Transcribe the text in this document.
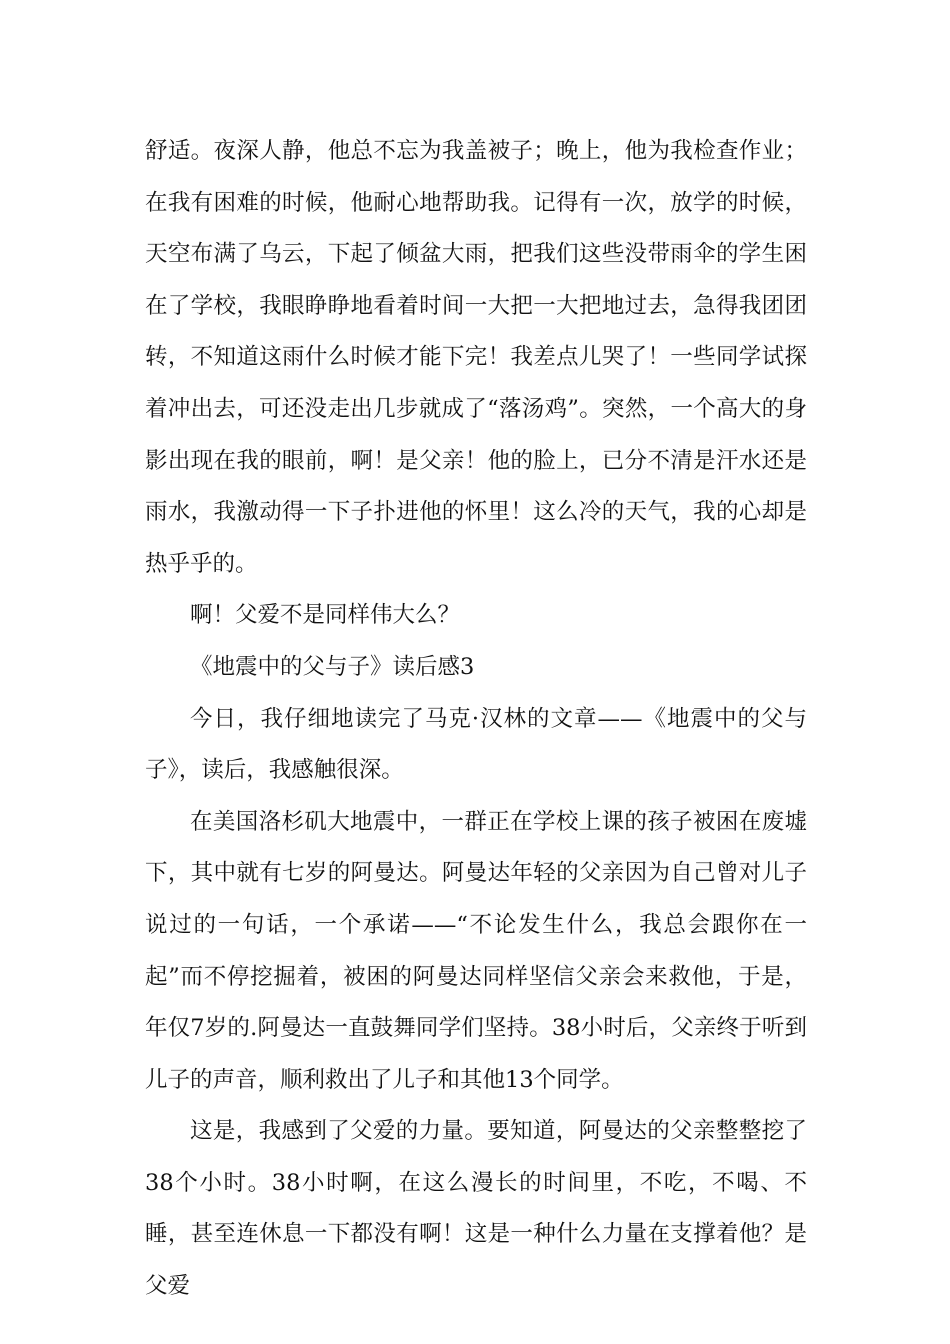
舒适。夜深人静，他总不忘为我盖被子；晚上，他为我检查作业；在我有困难的时候，他耐心地帮助我。记得有一次，放学的时候，天空布满了乌云，下起了倾盆大雨，把我们这些没带雨伞的学生困在了学校，我眼睁睁地看着时间一大把一大把地过去，急得我团团转，不知道这雨什么时候才能下完！我差点儿哭了！一些同学试探着冲出去，可还没走出几步就成了“落汤鸡”。突然，一个高大的身影出现在我的眼前，啊！是父亲！他的脸上，已分不清是汗水还是雨水，我激动得一下子扑进他的怀里！这么冷的天气，我的心却是热乎乎的。

啊！父爱不是同样伟大么？

《地震中的父与子》读后感3

今日，我仔细地读完了马克·汉林的文章——《地震中的父与子》，读后，我感触很深。

在美国洛杉矶大地震中，一群正在学校上课的孩子被困在废墟下，其中就有七岁的阿曼达。阿曼达年轻的父亲因为自己曾对儿子说过的一句话，一个承诺——“不论发生什么，我总会跟你在一起”而不停挖掘着，被困的阿曼达同样坚信父亲会来救他，于是，年仅7岁的.阿曼达一直鼓舞同学们坚持。38小时后，父亲终于听到儿子的声音，顺利救出了儿子和其他13个同学。

这是，我感到了父爱的力量。要知道，阿曼达的父亲整整挖了38个小时。38小时啊，在这么漫长的时间里，不吃，不喝、不睡，甚至连休息一下都没有啊！这是一种什么力量在支撑着他？是父爱
